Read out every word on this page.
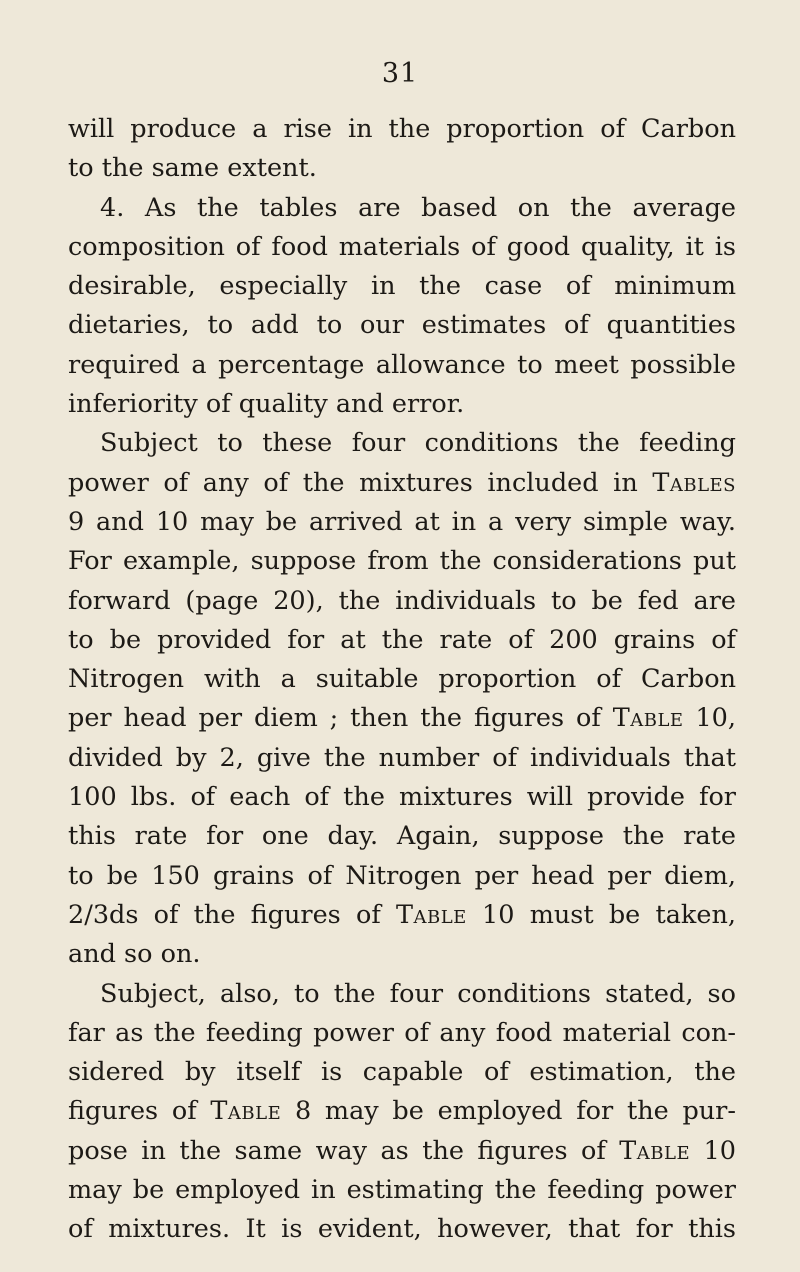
31
will produce a rise in the proportion of Carbon
to the same extent.
4. As the tables are based on the average
composition of food materials of good quality, it is
desirable, especially in the case of minimum
dietaries, to add to our estimates of quantities
required a percentage allowance to meet possible
inferiority of quality and error.
Subject to these four conditions the feeding
power of any of the mixtures included in Tables
9 and 10 may be arrived at in a very simple way.
For example, suppose from the considerations put
forward (page 20), the individuals to be fed are
to be provided for at the rate of 200 grains of
Nitrogen with a suitable proportion of Carbon
per head per diem ; then the figures of Table 10,
divided by 2, give the number of individuals that
100 lbs. of each of the mixtures will provide for
this rate for one day. Again, suppose the rate
to be 150 grains of Nitrogen per head per diem,
2/3ds of the figures of Table 10 must be taken,
and so on.
Subject, also, to the four conditions stated, so
far as the feeding power of any food material con-
sidered by itself is capable of estimation, the
figures of Table 8 may be employed for the pur-
pose in the same way as the figures of Table 10
may be employed in estimating the feeding power
of mixtures. It is evident, however, that for this
